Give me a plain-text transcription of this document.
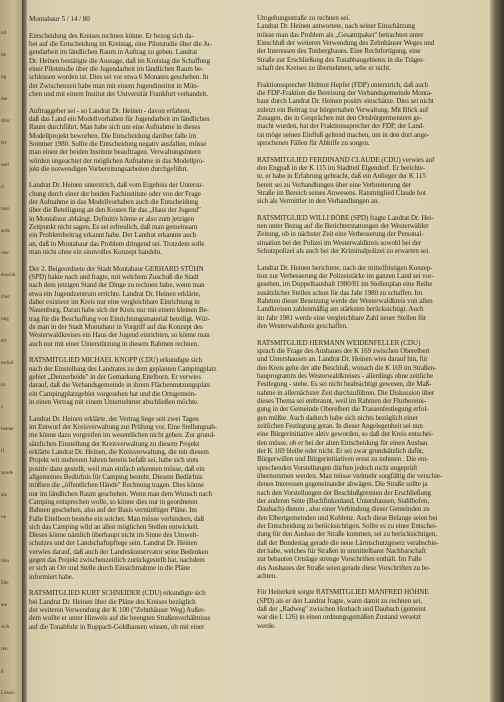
nd
tte
ng
dar
drüc
ler
und
ir
bezi
arde
utsc
enschä
cher
ung
eit
tschaf
m
s
bemer
ll
zende
als
on
ihm
Die
am
sich
ren
g
Lösun

Montabaur 5 / 14 / 80

Entscheidung des Kreises rechnen könne. Er bezog sich da-
bei auf die Entscheidung im Kreistag, eine Pilotstudie über die Ju-
gendarbeit im ländlichen Raum in Auftrag zu geben. Landrat
Dr. Heinen bestätigte die Aussage, daß im Kreistag die Schaffung
einer Pilotstudie über die Jugendarbeit im ländlichen Raum be-
schlossen worden ist. Dies sei vor etwa 6 Monaten geschehen. In
der Zwischenzeit habe man mit einem Jugendinstitut in Mün-
chen und mit einem Institut der Universität Frankfurt verhandelt.

Auftraggeber sei - so Landrat Dr. Heinen - davon erfahren,
daß das Land ein Modellvorhaben für Jugendarbeit im ländlichen
Raum durchführt. Man habe sich um eine Aufnahme in dieses
Modellprojekt beworben. Die Entscheidung darüber falle im
Sommer 1980. Sollte die Entscheidung negativ ausfallen, müsse
man einen der beiden Institute beauftragen. Verwaltungsintern
würden ungeachtet der möglichen Aufnahme in das Modellpro-
jekt die notwendigen Vorbereitungsarbeiten durchgeführt.

Landrat Dr. Heinen unterstrich, daß vom Ergebnis der Untersu-
chung durch einer der beiden Fachinstitute oder von der Frage
der Aufnahme in das Modellvorhaben auch die Entscheidung
über die Beteiligung an den Kosten für das „Haus der Jugend"
in Montabaur abhängt. Definitiv könne er also zum jetzigen
Zeitpunkt nicht sagen, Es sei erfreulich, daß man gemeinsam
ein Problembeitrag erkannt habe. Der Landrat erkannte auch
an, daß in Montabaur das Problem dringend sei. Trotzdem solle
man nicht ohne ein sinnvolles Konzept handeln.

Der 2. Beigeordnete der Stadt Montabaur GERHARD STÜHN
(SPD) hakte nach und fragte, mit welchem Zuschuß die Stadt
nach dem jetzigen Stand der Dinge zu rechnen habe, wenn man
etwa ein Jugendzentrum errichte. Landrat Dr. Heinen erklärte,
daher existiere im Kreis nur eine vergleichbare Einrichtung in
Nauenburg. Daran habe sich der Kreis nur mit einem kleinen Be-
trag für die Beschaffung von Einrichtungsmaterial beteiligt. Wür-
de man in der Stadt Montabaur in Vorgriff auf das Konzept des
Westerwaldkreises ein Haus der Jugend einrichten, so könne man
auch nur mit einer Unterstützung in diesem Rahmen rechnen.

RATSMITGLIED MICHAEL KNOPP (CDU) erkundigte sich
nach der Einstellung des Landrates zu dem geplanten Campingplatz
gebiet „Denzerheide" in der Gemarkung Eitelborn. Er verwies
darauf, daß die Verbandsgemeinde in ihrem Flächennutzungsplan
ein Campingplatzgebiet vorgesehen hat und die Ortsgemein-
in einen Vertrag mit einem Unternehmer abschließen möchte.

Landrat Dr. Heinen erklärte, der Vertrag liege seit zwei Tagen
im Entwurf der Kreisverwaltung zur Prüfung vor. Eine Stellungnah-
me könne dazu vorgreifen im wesentlichen nicht geben. Zur grund-
sätzlichen Einstellung der Kreisverwaltung zu diesem Projekt
erklärte Landrat Dr. Heinen, die Kreisverwaltung, die mit diesem
Projekt wit mehreren Jahren bereits befaßt sei, habe sich stets
positiv dazu gestellt, weil man einfach erkennen müsse, daß ein
allgemeines Bedürfnis für Camping besteht. Diesem Bedürfnis
müßten die „öffentlichen Hände" Rechnung tragen. Dies könne
nur im ländlichen Raum geschehen. Wenn man dem Wunsch nach
Camping entsprechen wolle, so könne dies nur in geordneten
Bahnen geschehen, also auf der Basis vernünftiger Pläne. Im
Falle Eitelborn bestehe ein solcher. Man müsse verhindern, daß
sich das Camping wild an allen möglichen Stellen entwickelt.
Dieses könne nämlich überhaupt nicht im Sinne des Umwelt-
schutzes und der Landschaftspflege sein. Landrat Dr. Heinen
verwies darauf, daß auch der Landeskonservator seine Bedenken
gegen das Projekt zwischenzeitlich zurückgestellt hat, nachdem
er sich an Ort und Stelle durch Einsichtnahme in die Pläne
informiert habe.

RATSMITGLIED KURT SCHNEIDER (CDU) erkundigte sich
bei Landrat Dr. Heinen über die Pläne des Kreises bezüglich
der weiteren Verwendung der K 100 ("Zehnhäuser Weg) Außer-
dem wollte er unter Hinweis auf die beengten Straßenverhältnisse
auf die Tonabfuhr in Ruppach-Goldhausen wissen, ob mit einer

Umgehungsstraße zu rechnen sei.
Landrat Dr. Heinen antwortete, nach seiner Einschätzung
müsse man das Problem als „Gesamtpaket" betrachten unter
Einschluß der weiteren Verwendung des Zehnhäuser Weges und
der Interessen des Tonbergbaues. Eine Rechtfertigung, eine
Straße zur Erschließung des Tonabbaugebietes in die Träger-
schaft des Kreises zu übernehmen, sehe er nicht.

Fraktionssprecher Helmut Hepfer (FDP) unterstrich, daß auch
die FDP-Fraktion die Bereisung der Verbandsgemeinde Monta-
baur durch Landrat Dr. Heinen positiv einschätze. Dies sei nicht
zuletzt ein Beitrag zur bürgernahen Verwaltung. Mit Blick auf
Zusagen, die in Gesprächen mit den Ortsbürgermeistern ge-
macht wurden, bat der Fraktionssprecher der FDP, der Land-
rat möge seinen Einfluß geltend machen, um in den dort ange-
sprochenen Fällen für Abhilfe zu sorgen.

RATSMITGLIED FERDINAND CLAUDE (CDU) verwies auf
den Engpaß in der K 115 im Stadtteil Elgendorf. Er berichte-
te, er habe in Erfahrung gebracht, daß ein Anlieger der K 115
bereit sei zu Verhandlungen über eine Verbreiterung der
Straße im Bereich seines Anwesens. Ratsmitglied Claude bot
sich als Vermittler in den Verhandlungen an.

RATSMITGLIED WILLI BÖBE (SPD) fragte Landrat Dr. Hei-
nen unter Bezug auf die Berichterstattungen der Westerwälder
Zeitung, ob in nächster Zeit eine Verbesserung der Personal-
situation bei der Polizei im Westerwaldkreis sowohl bei der
Schutzpolizei als auch bei der Kriminalpolizei zu erwarten sei.

Landrat Dr. Heinen berichtete, nach der mittelfristigen Konzep-
tion zur Verbesserung der Polizeistärke im ganzen Land sei vor-
gesehen, im Doppelhaushalt 1980/81 im Stellenplan eine Reihe
zusätzlicher Stellen schon für das Jahr 1980 zu schaffen. Im
Rahmen dieser Besetzung werde der Westerwaldkreis von allen
Landkreisen zahlenmäßig am stärksten berücksichtigt. Auch
im Jahr 1981 werde eine vergleichbare Zahl neuer Stellen für
den Westerwaldkreis geschaffen.

RATSMITGLIED HERMANN WEIDENFELLER (CDU)
sprach die Frage des Ausbaues der K 169 zwischen Oberelbert
und Untershausen an. Landrat Dr. Heinen wies darauf hin, für
den Kreis gelte der alte Beschluß, wonach die K 169 im Straßen-
bauprogramm des Westerwaldkreises - allerdings ohne zeitliche
Festlegung - stehe. Es sei nicht beabsichtigt gewesen, die Maß-
nahme in allernächster Zeit durchzuführen. Die Diskussion über
dieses Thema sei entbrannt, weil im Rahmen der Flurbereini-
gung in der Gemeinde Oberelbert die Trassenfestlegung erfol-
gen müßte. Auch dadurch habe sich nichts bezüglich einer
zeitlichen Festlegung getan. In dieser Angelegenheit sei nun
eine Bürgerinitiative aktiv geworden, so daß der Kreis entschei-
den müsse, ob er bei der alten Entscheidung für einen Ausbau
der K 169 bleibe oder nicht. Er sei zwar grundsätzlich dafür,
Bürgerwillen und Bürgerinitiativen ernst zu nehmen . Die ent-
sprechenden Vorstellungen dürften jedoch nicht ungeprüft
übernommen werden. Man müsse vielmehr sorgfältig die verschie-
denen Interessen gegeneinander abwägen. Die Straße sollte ja
nach den Vorstellungen der Beschlußgremien der Erschließung
der anderen Seite (Buchfinkenland, Untershausen, Stahlhofen,
Daubach) dienen , also einer Verbindung dieser Gemeinden zu
den Elbertgemeinden und Koblenz. Auch diese Belange seien bei
der Entscheidung zu berücksichtigen. Sollte es zu einer Entschei-
dung für den Ausbau der Straße kommen, sei zu berücksichtigen,
daß der Bundestag gerade die neue Lärmschutzgesetz verabschie-
det habe, welches für Straßen in unmittelbarer Nachbarschaft
zur bebauten Ortslage strenge Vorschriften enthält. Im Falle
des Ausbaues der Straße seien gerade diese Vorschriften zu be-
achten.

Für Heiterkeit sorgte RATSMITGLIED MANFRED HÖHNE
(SPD) als er den Landrat fragte, wann damit zu rechnen sei,
daß der „Radweg" zwischen Horbach und Daubach (gemeint
war die L 126) in einen ordnungsgemäßen Zustand versetzt
werde.
